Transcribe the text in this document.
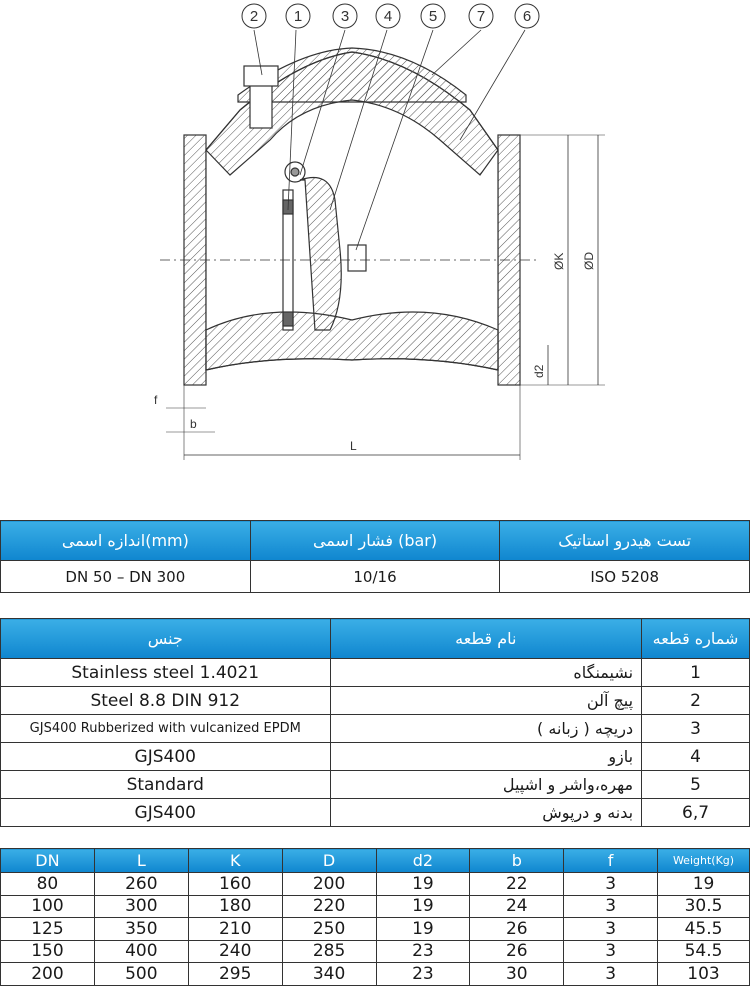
2 1	3 4 5	7	6
ØK ØD
d2
f
b
L
اندازه اسمی(mm)	فشار اسمی (bar)	تست هیدرو استاتیک
DN 50 – DN 300	10/16	ISO 5208
جنس	نام قطعه	شماره قطعه
Stainless steel 1.4021	نشیمنگاه	1
Steel 8.8 DIN 912	پیچ آلن	2
GJS400 Rubberized with vulcanized EPDM	دریچه ( زبانه )	3
GJS400	بازو	4
Standard	مهره،واشر و اشپیل	5
GJS400	بدنه و درپوش	6,7
DN	L	K	D	d2	b	f	Weight(Kg)
80	260	160	200	19	22	3	19
100	300	180	220	19	24	3	30.5
125	350	210	250	19	26	3	45.5
150	400	240	285	23	26	3	54.5
200	500	295	340	23	30	3	103
